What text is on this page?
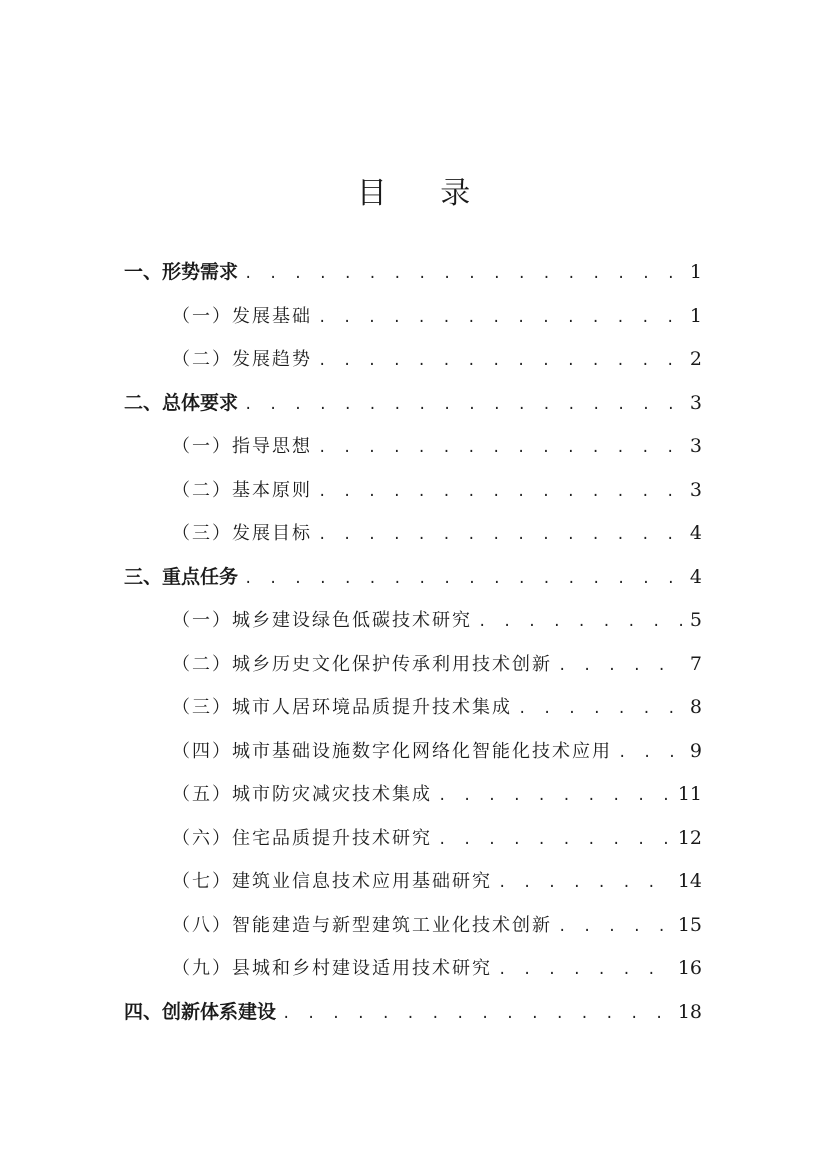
目 录
一、形势需求 . . .	1
（一）发展基础 . . .	1
（二）发展趋势 . . .	2
二、总体要求 . . .	3
（一）指导思想 . . .	3
（二）基本原则 . . .	3
（三）发展目标 . . .	4
三、重点任务 . . .	4
（一）城乡建设绿色低碳技术研究 . . .	5
（二）城乡历史文化保护传承利用技术创新 . . .	7
（三）城市人居环境品质提升技术集成 . . .	8
（四）城市基础设施数字化网络化智能化技术应用 . . .	9
（五）城市防灾减灾技术集成 . . .	11
（六）住宅品质提升技术研究 . . .	12
（七）建筑业信息技术应用基础研究 . . .	14
（八）智能建造与新型建筑工业化技术创新 . . .	15
（九）县城和乡村建设适用技术研究 . . .	16
四、创新体系建设 . . .	18
